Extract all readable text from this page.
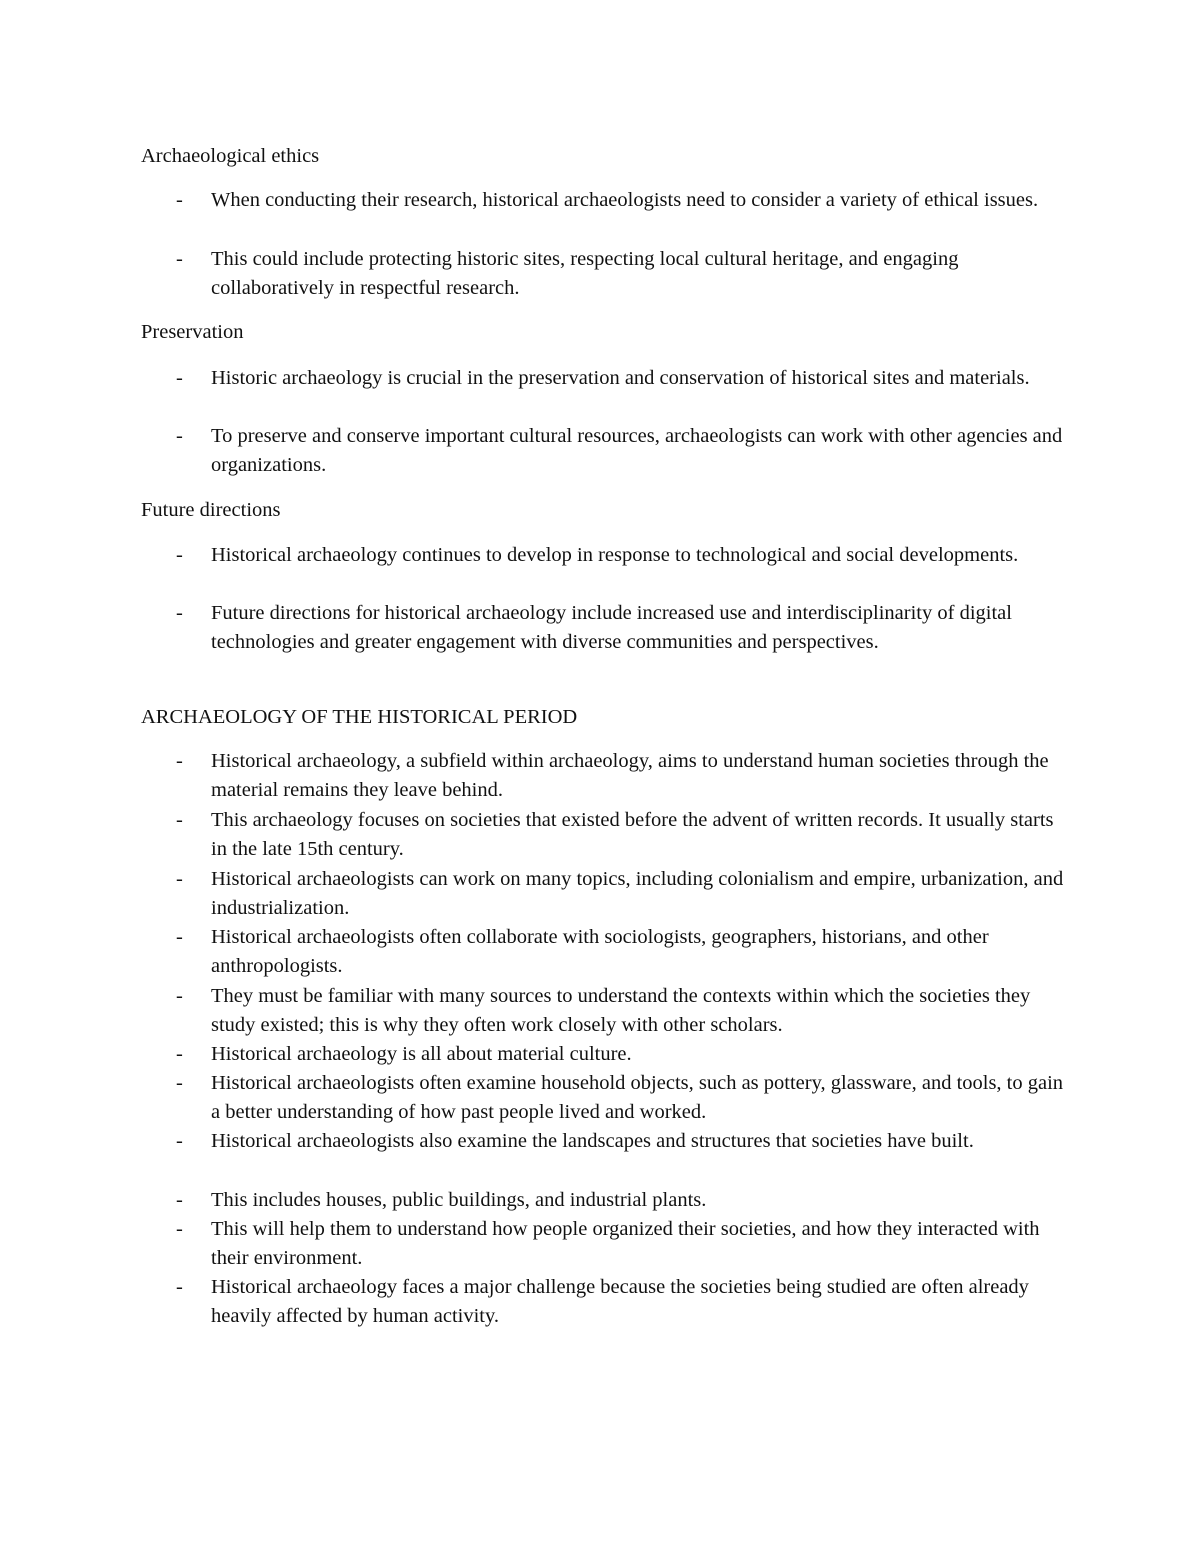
Archaeological ethics
- When conducting their research, historical archaeologists need to consider a variety of ethical issues.
- This could include protecting historic sites, respecting local cultural heritage, and engaging collaboratively in respectful research.
Preservation
- Historic archaeology is crucial in the preservation and conservation of historical sites and materials.
- To preserve and conserve important cultural resources, archaeologists can work with other agencies and organizations.
Future directions
- Historical archaeology continues to develop in response to technological and social developments.
- Future directions for historical archaeology include increased use and interdisciplinarity of digital technologies and greater engagement with diverse communities and perspectives.
ARCHAEOLOGY OF THE HISTORICAL PERIOD
- Historical archaeology, a subfield within archaeology, aims to understand human societies through the material remains they leave behind.
- This archaeology focuses on societies that existed before the advent of written records. It usually starts in the late 15th century.
- Historical archaeologists can work on many topics, including colonialism and empire, urbanization, and industrialization.
- Historical archaeologists often collaborate with sociologists, geographers, historians, and other anthropologists.
- They must be familiar with many sources to understand the contexts within which the societies they study existed; this is why they often work closely with other scholars.
- Historical archaeology is all about material culture.
- Historical archaeologists often examine household objects, such as pottery, glassware, and tools, to gain a better understanding of how past people lived and worked.
- Historical archaeologists also examine the landscapes and structures that societies have built.
- This includes houses, public buildings, and industrial plants.
- This will help them to understand how people organized their societies, and how they interacted with their environment.
- Historical archaeology faces a major challenge because the societies being studied are often already heavily affected by human activity.
